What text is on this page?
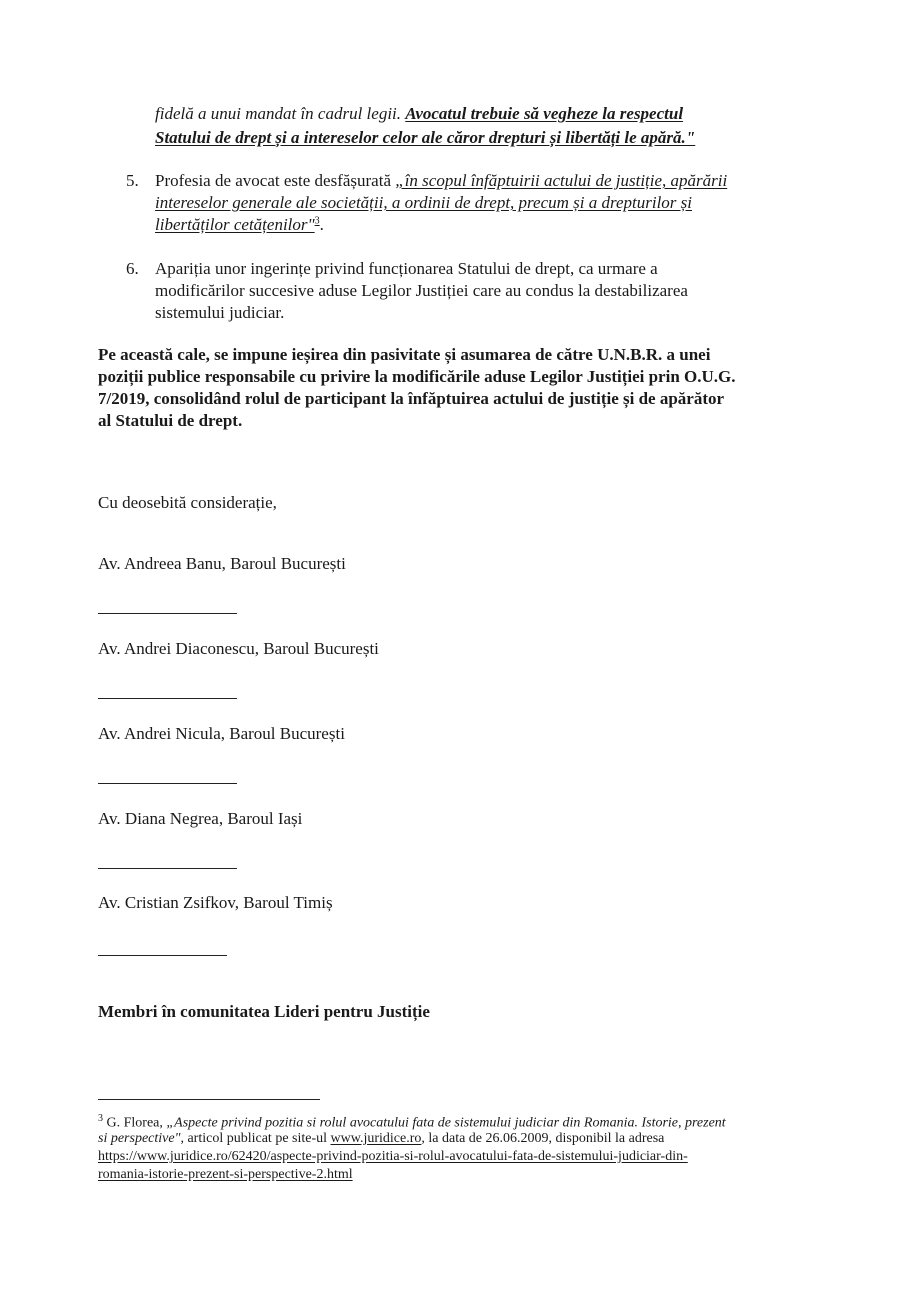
fidelă a unui mandat în cadrul legii. Avocatul trebuie să vegheze la respectul
Statului de drept și a intereselor celor ale căror drepturi și libertăți le apără."
5. Profesia de avocat este desfășurată „în scopul înfăptuirii actului de justiție, apărării
intereselor generale ale societății, a ordinii de drept, precum și a drepturilor și
libertăților cetățenilor"$^3$.
6. Apariția unor ingerințe privind funcționarea Statului de drept, ca urmare a
modificărilor succesive aduse Legilor Justiției care au condus la destabilizarea
sistemului judiciar.
Pe această cale, se impune ieșirea din pasivitate și asumarea de către U.N.B.R. a unei
poziții publice responsabile cu privire la modificările aduse Legilor Justiției prin O.U.G.
7/2019, consolidând rolul de participant la înfăptuirea actului de justiție și de apărător
al Statului de drept.
Cu deosebită considerație,
Av. Andreea Banu, Baroul București
Av. Andrei Diaconescu, Baroul București
Av. Andrei Nicula, Baroul București
Av. Diana Negrea, Baroul Iași
Av. Cristian Zsifkov, Baroul Timiș
Membri în comunitatea Lideri pentru Justiție
$^3$ G. Florea, „Aspecte privind pozitia si rolul avocatului fata de sistemului judiciar din Romania. Istorie, prezent
si perspective", articol publicat pe site-ul www.juridice.ro, la data de 26.06.2009, disponibil la adresa
https://www.juridice.ro/62420/aspecte-privind-pozitia-si-rolul-avocatului-fata-de-sistemului-judiciar-din-
romania-istorie-prezent-si-perspective-2.html
